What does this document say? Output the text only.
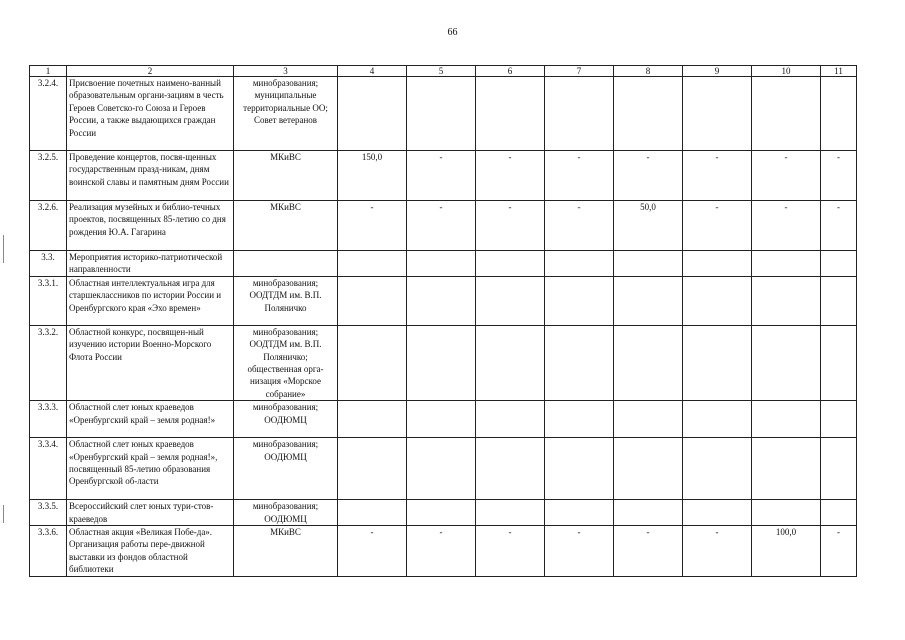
66
1	2	3	4	5	6	7	8	9	10	11
3.2.4.	Присвоение почетных наимено-ванный образовательным органи-зациям в честь Героев Советско-го Союза и Героев России, а также выдающихся граждан России	минобразования; муниципальные территориальные ОО; Совет ветеранов								
3.2.5.	Проведение концертов, посвя-щенных государственным празд-никам, дням воинской славы и памятным дням России	МКиВС	150,0	-	-	-	-	-	-	-
3.2.6.	Реализация музейных и библио-течных проектов, посвященных 85-летию со дня рождения Ю.А. Гагарина	МКиВС	-	-	-	-	50,0	-	-	-
3.3.	Мероприятия историко-патриотической направленности									
3.3.1.	Областная интеллектуальная игра для старшеклассников по истории России и Оренбургского края «Эхо времен»	минобразования; ООДТДМ им. В.П. Поляничко								
3.3.2.	Областной конкурс, посвящен-ный изучению истории Военно-Морского Флота России	минобразования; ООДТДМ им. В.П. Поляничко; общественная орга-низация «Морское собрание»								
3.3.3.	Областной слет юных краеведов «Оренбургский край – земля родная!»	минобразования; ООДЮМЦ								
3.3.4.	Областной слет юных краеведов «Оренбургский край – земля родная!», посвященный 85-летию образования Оренбургской об-ласти	минобразования; ООДЮМЦ								
3.3.5.	Всероссийский слет юных тури-стов-краеведов	минобразования; ООДЮМЦ								
3.3.6.	Областная акция «Великая Побе-да». Организация работы пере-движной выставки из фондов областной библиотеки	МКиВС	-	-	-	-	-	-	100,0	-
